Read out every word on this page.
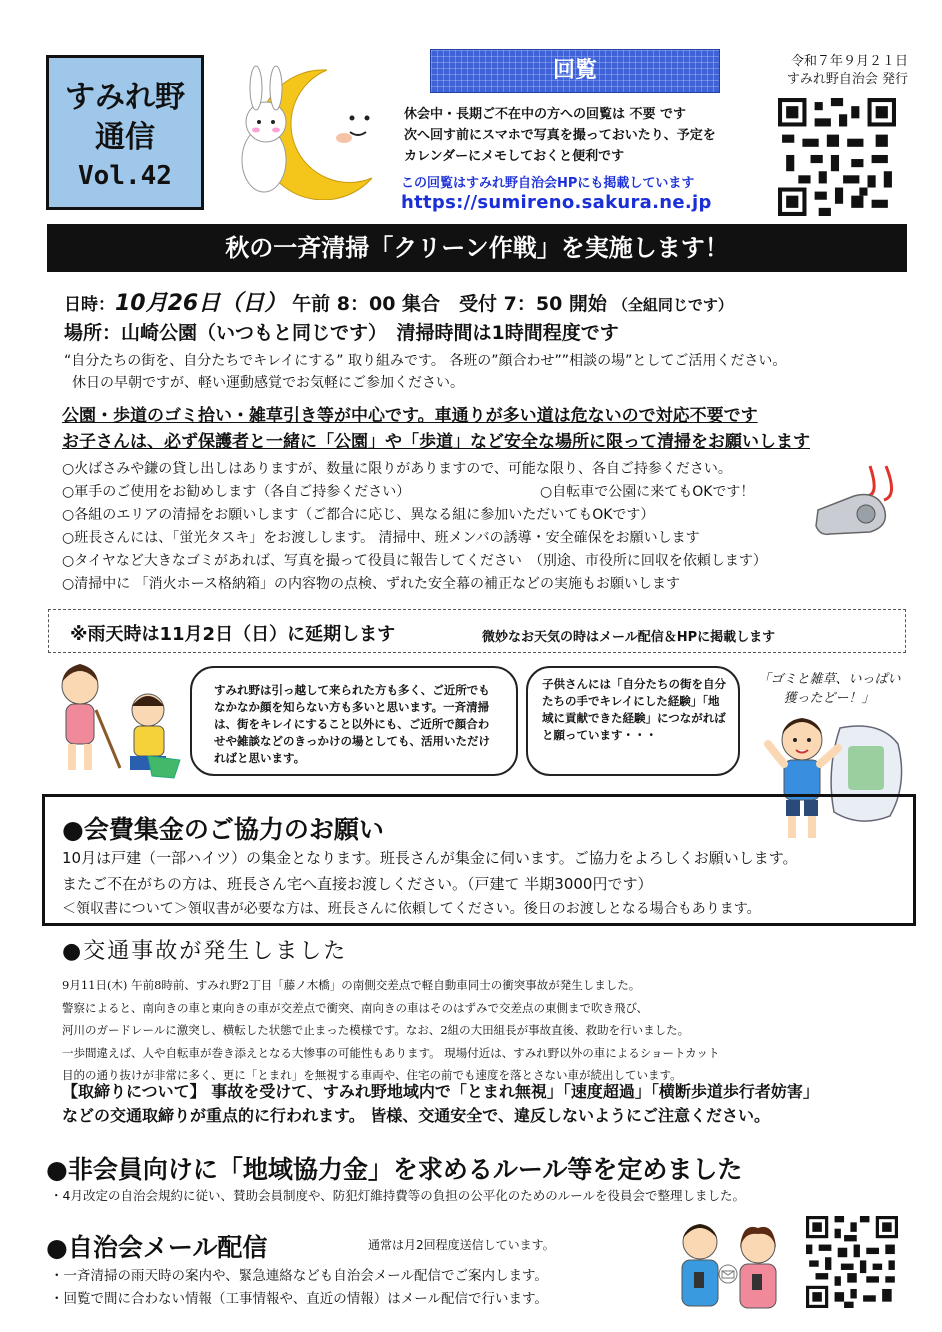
すみれ野
通信
Vol.42
回覧
休会中・長期ご不在中の方への回覧は 不要 です
次へ回す前にスマホで写真を撮っておいたり、予定を
カレンダーにメモしておくと便利です
この回覧はすみれ野自治会HPにも掲載しています
https://sumireno.sakura.ne.jp
令和７年９月２１日
すみれ野自治会 発行
秋の一斉清掃「クリーン作戦」を実施します！
日時：10月26日（日） 午前 8：00 集合　受付 7：50 開始 （全組同じです）
場所：山崎公園（いつもと同じです）　清掃時間は1時間程度です
“自分たちの街を、自分たちでキレイにする” 取り組みです。 各班の”顔合わせ””相談の場”としてご活用ください。
休日の早朝ですが、軽い運動感覚でお気軽にご参加ください。
公園・歩道のゴミ拾い・雑草引き等が中心です。車通りが多い道は危ないので対応不要です
お子さんは、必ず保護者と一緒に「公園」や「歩道」など安全な場所に限って清掃をお願いします
○火ばさみや鎌の貸し出しはありますが、数量に限りがありますので、可能な限り、各自ご持参ください。
○軍手のご使用をお勧めします（各自ご持参ください）	○自転車で公園に来てもOKです！
○各組のエリアの清掃をお願いします（ご都合に応じ、異なる組に参加いただいてもOKです）
○班長さんには、「蛍光タスキ」をお渡しします。 清掃中、班メンバの誘導・安全確保をお願いします
○タイヤなど大きなゴミがあれば、写真を撮って役員に報告してください　（別途、市役所に回収を依頼します）
○清掃中に 「消火ホース格納箱」の内容物の点検、ずれた安全幕の補正などの実施もお願いします
※雨天時は11月2日（日）に延期します	微妙なお天気の時はメール配信＆HPに掲載します
すみれ野は引っ越して来られた方も多く、ご近所でもなかなか顔を知らない方も多いと思います。一斉清掃は、街をキレイにすること以外にも、ご近所で顔合わせや雑談などのきっかけの場としても、活用いただければと思います。
子供さんには「自分たちの街を自分たちの手でキレイにした経験」「地域に貢献できた経験」につながればと願っています・・・
「ゴミと雑草、いっぱい獲ったどー！」
●会費集金のご協力のお願い
10月は戸建（一部ハイツ）の集金となります。班長さんが集金に伺います。ご協力をよろしくお願いします。
またご不在がちの方は、班長さん宅へ直接お渡しください。（戸建て 半期3000円です）
＜領収書について＞領収書が必要な方は、班長さんに依頼してください。後日のお渡しとなる場合もあります。
●交通事故が発生しました
9月11日(木) 午前8時前、すみれ野2丁目「藤ノ木橋」の南側交差点で軽自動車同士の衝突事故が発生しました。
警察によると、南向きの車と東向きの車が交差点で衝突、南向きの車はそのはずみで交差点の東側まで吹き飛び、
河川のガードレールに激突し、横転した状態で止まった模様です。なお、2組の大田組長が事故直後、救助を行いました。
一歩間違えば、人や自転車が巻き添えとなる大惨事の可能性もあります。 現場付近は、すみれ野以外の車によるショートカット
目的の通り抜けが非常に多く、更に「とまれ」を無視する車両や、住宅の前でも速度を落とさない車が続出しています。
【取締りについて】 事故を受けて、すみれ野地域内で「とまれ無視」「速度超過」「横断歩道歩行者妨害」
などの交通取締りが重点的に行われます。 皆様、交通安全で、違反しないようにご注意ください。
●非会員向けに「地域協力金」を求めるルール等を定めました
・4月改定の自治会規約に従い、賛助会員制度や、防犯灯維持費等の負担の公平化のためのルールを役員会で整理しました。
●自治会メール配信	通常は月2回程度送信しています。
・一斉清掃の雨天時の案内や、緊急連絡なども自治会メール配信でご案内します。
・回覧で間に合わない情報（工事情報や、直近の情報）はメール配信で行います。
